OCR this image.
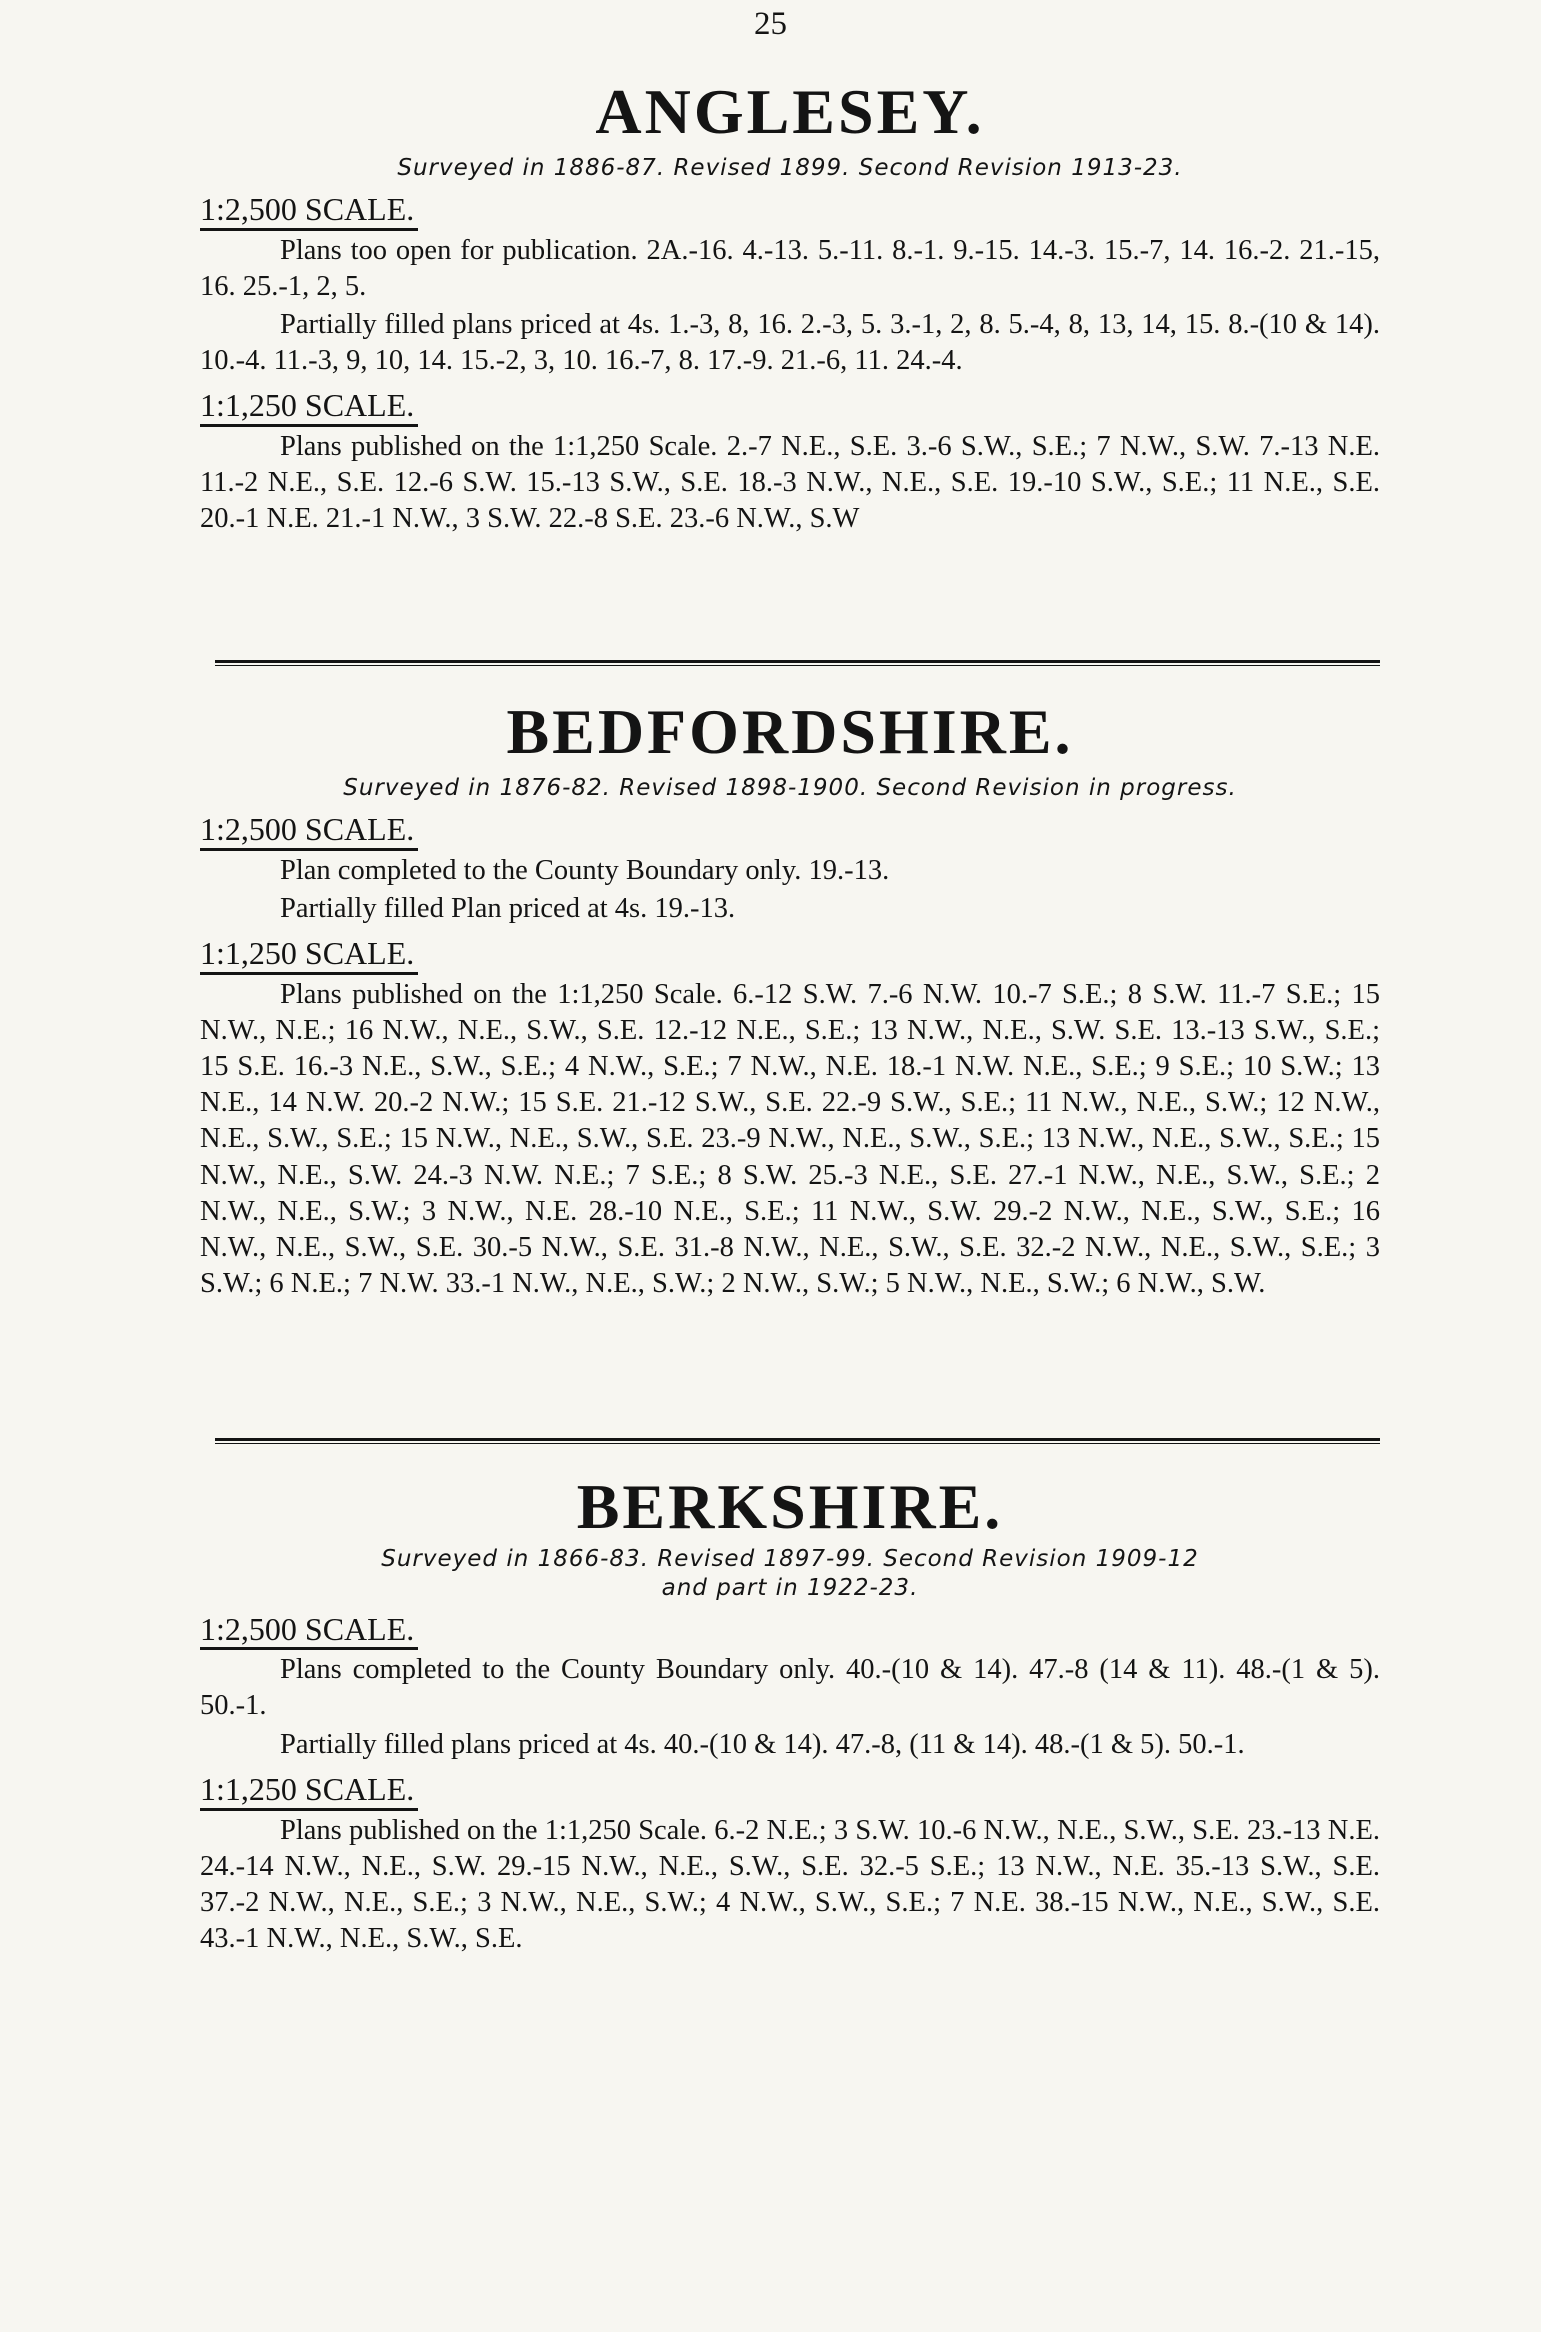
25
ANGLESEY.
Surveyed in 1886-87. Revised 1899. Second Revision 1913-23.
1:2,500 SCALE.

Plans too open for publication. 2A.-16. 4.-13. 5.-11. 8.-1. 9.-15. 14.-3. 15.-7, 14. 16.-2. 21.-15, 16. 25.-1, 2, 5.

Partially filled plans priced at 4s. 1.-3, 8, 16. 2.-3, 5. 3.-1, 2, 8. 5.-4, 8, 13, 14, 15. 8.-(10 & 14). 10.-4. 11.-3, 9, 10, 14. 15.-2, 3, 10. 16.-7, 8. 17.-9. 21.-6, 11. 24.-4.

1:1,250 SCALE.

Plans published on the 1:1,250 Scale. 2.-7 N.E., S.E. 3.-6 S.W., S.E.; 7 N.W., S.W. 7.-13 N.E. 11.-2 N.E., S.E. 12.-6 S.W. 15.-13 S.W., S.E. 18.-3 N.W., N.E., S.E. 19.-10 S.W., S.E.; 11 N.E., S.E. 20.-1 N.E. 21.-1 N.W., 3 S.W. 22.-8 S.E. 23.-6 N.W., S.W

BEDFORDSHIRE.
Surveyed in 1876-82. Revised 1898-1900. Second Revision in progress.
1:2,500 SCALE.

Plan completed to the County Boundary only. 19.-13.

Partially filled Plan priced at 4s. 19.-13.

1:1,250 SCALE.

Plans published on the 1:1,250 Scale. 6.-12 S.W. 7.-6 N.W. 10.-7 S.E.; 8 S.W. 11.-7 S.E.; 15 N.W., N.E.; 16 N.W., N.E., S.W., S.E. 12.-12 N.E., S.E.; 13 N.W., N.E., S.W. S.E. 13.-13 S.W., S.E.; 15 S.E. 16.-3 N.E., S.W., S.E.; 4 N.W., S.E.; 7 N.W., N.E. 18.-1 N.W. N.E., S.E.; 9 S.E.; 10 S.W.; 13 N.E., 14 N.W. 20.-2 N.W.; 15 S.E. 21.-12 S.W., S.E. 22.-9 S.W., S.E.; 11 N.W., N.E., S.W.; 12 N.W., N.E., S.W., S.E.; 15 N.W., N.E., S.W., S.E. 23.-9 N.W., N.E., S.W., S.E.; 13 N.W., N.E., S.W., S.E.; 15 N.W., N.E., S.W. 24.-3 N.W. N.E.; 7 S.E.; 8 S.W. 25.-3 N.E., S.E. 27.-1 N.W., N.E., S.W., S.E.; 2 N.W., N.E., S.W.; 3 N.W., N.E. 28.-10 N.E., S.E.; 11 N.W., S.W. 29.-2 N.W., N.E., S.W., S.E.; 16 N.W., N.E., S.W., S.E. 30.-5 N.W., S.E. 31.-8 N.W., N.E., S.W., S.E. 32.-2 N.W., N.E., S.W., S.E.; 3 S.W.; 6 N.E.; 7 N.W. 33.-1 N.W., N.E., S.W.; 2 N.W., S.W.; 5 N.W., N.E., S.W.; 6 N.W., S.W.

BERKSHIRE.
Surveyed in 1866-83. Revised 1897-99. Second Revision 1909-12
and part in 1922-23.
1:2,500 SCALE.

Plans completed to the County Boundary only. 40.-(10 & 14). 47.-8 (14 & 11). 48.-(1 & 5). 50.-1.

Partially filled plans priced at 4s. 40.-(10 & 14). 47.-8, (11 & 14). 48.-(1 & 5). 50.-1.

1:1,250 SCALE.

Plans published on the 1:1,250 Scale. 6.-2 N.E.; 3 S.W. 10.-6 N.W., N.E., S.W., S.E. 23.-13 N.E. 24.-14 N.W., N.E., S.W. 29.-15 N.W., N.E., S.W., S.E. 32.-5 S.E.; 13 N.W., N.E. 35.-13 S.W., S.E. 37.-2 N.W., N.E., S.E.; 3 N.W., N.E., S.W.; 4 N.W., S.W., S.E.; 7 N.E. 38.-15 N.W., N.E., S.W., S.E. 43.-1 N.W., N.E., S.W., S.E.
